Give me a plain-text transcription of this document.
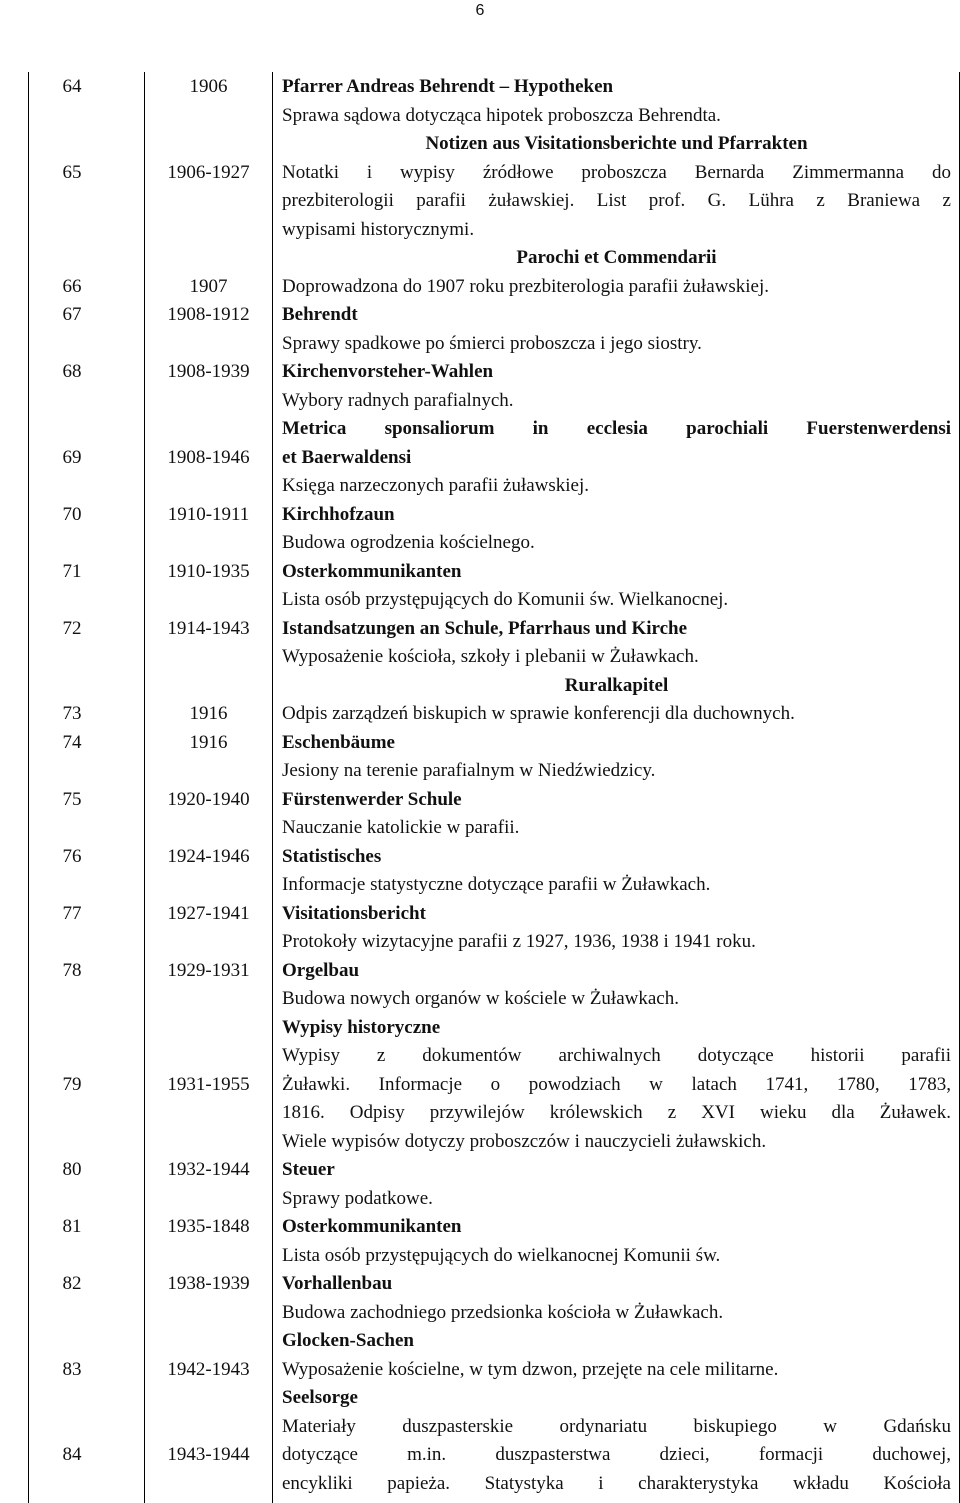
6
64	1906	Pfarrer Andreas Behrendt – Hypotheken
Sprawa sądowa dotycząca hipotek proboszcza Behrendta.
65	1906-1927
Notizen aus Visitationsberichte und Pfarrakten
Notatki i wypisy źródłowe proboszcza Bernarda Zimmermanna do
prezbiterologii parafii żuławskiej. List prof. G. Lühra z Braniewa z
wypisami historycznymi.
66	1907
Parochi et Commendarii
Doprowadzona do 1907 roku prezbiterologia parafii żuławskiej.
67	1908-1912	Behrendt
Sprawy spadkowe po śmierci proboszcza i jego siostry.
68	1908-1939	Kirchenvorsteher-Wahlen
Wybory radnych parafialnych.
69	1908-1946
Metrica sponsaliorum in ecclesia parochiali Fuerstenwerdensi
et Baerwaldensi
Księga narzeczonych parafii żuławskiej.
70	1910-1911	Kirchhofzaun
Budowa ogrodzenia kościelnego.
71	1910-1935	Osterkommunikanten
Lista osób przystępujących do Komunii św. Wielkanocnej.
72	1914-1943	Istandsatzungen an Schule, Pfarrhaus und Kirche
Wyposażenie kościoła, szkoły i plebanii w Żuławkach.
73	1916
Ruralkapitel
Odpis zarządzeń biskupich w sprawie konferencji dla duchownych.
74	1916	Eschenbäume
Jesiony na terenie parafialnym w Niedźwiedzicy.
75	1920-1940	Fürstenwerder Schule
Nauczanie katolickie w parafii.
76	1924-1946	Statistisches
Informacje statystyczne dotyczące parafii w Żuławkach.
77	1927-1941	Visitationsbericht
Protokoły wizytacyjne parafii z 1927, 1936, 1938 i 1941 roku.
78	1929-1931	Orgelbau
Budowa nowych organów w kościele w Żuławkach.
79	1931-1955
Wypisy historyczne
Wypisy z dokumentów archiwalnych dotyczące historii parafii
Żuławki. Informacje o powodziach w latach 1741, 1780, 1783,
1816. Odpisy przywilejów królewskich z XVI wieku dla Żuławek.
Wiele wypisów dotyczy proboszczów i nauczycieli żuławskich.
80	1932-1944	Steuer
Sprawy podatkowe.
81	1935-1848	Osterkommunikanten
Lista osób przystępujących do wielkanocnej Komunii św.
82	1938-1939	Vorhallenbau
Budowa zachodniego przedsionka kościoła w Żuławkach.
83	1942-1943
Glocken-Sachen
Wyposażenie kościelne, w tym dzwon, przejęte na cele militarne.
84	1943-1944
Seelsorge
Materiały duszpasterskie ordynariatu biskupiego w Gdańsku
dotyczące m.in. duszpasterstwa dzieci, formacji duchowej,
encykliki papieża. Statystyka i charakterystyka wkładu Kościoła
